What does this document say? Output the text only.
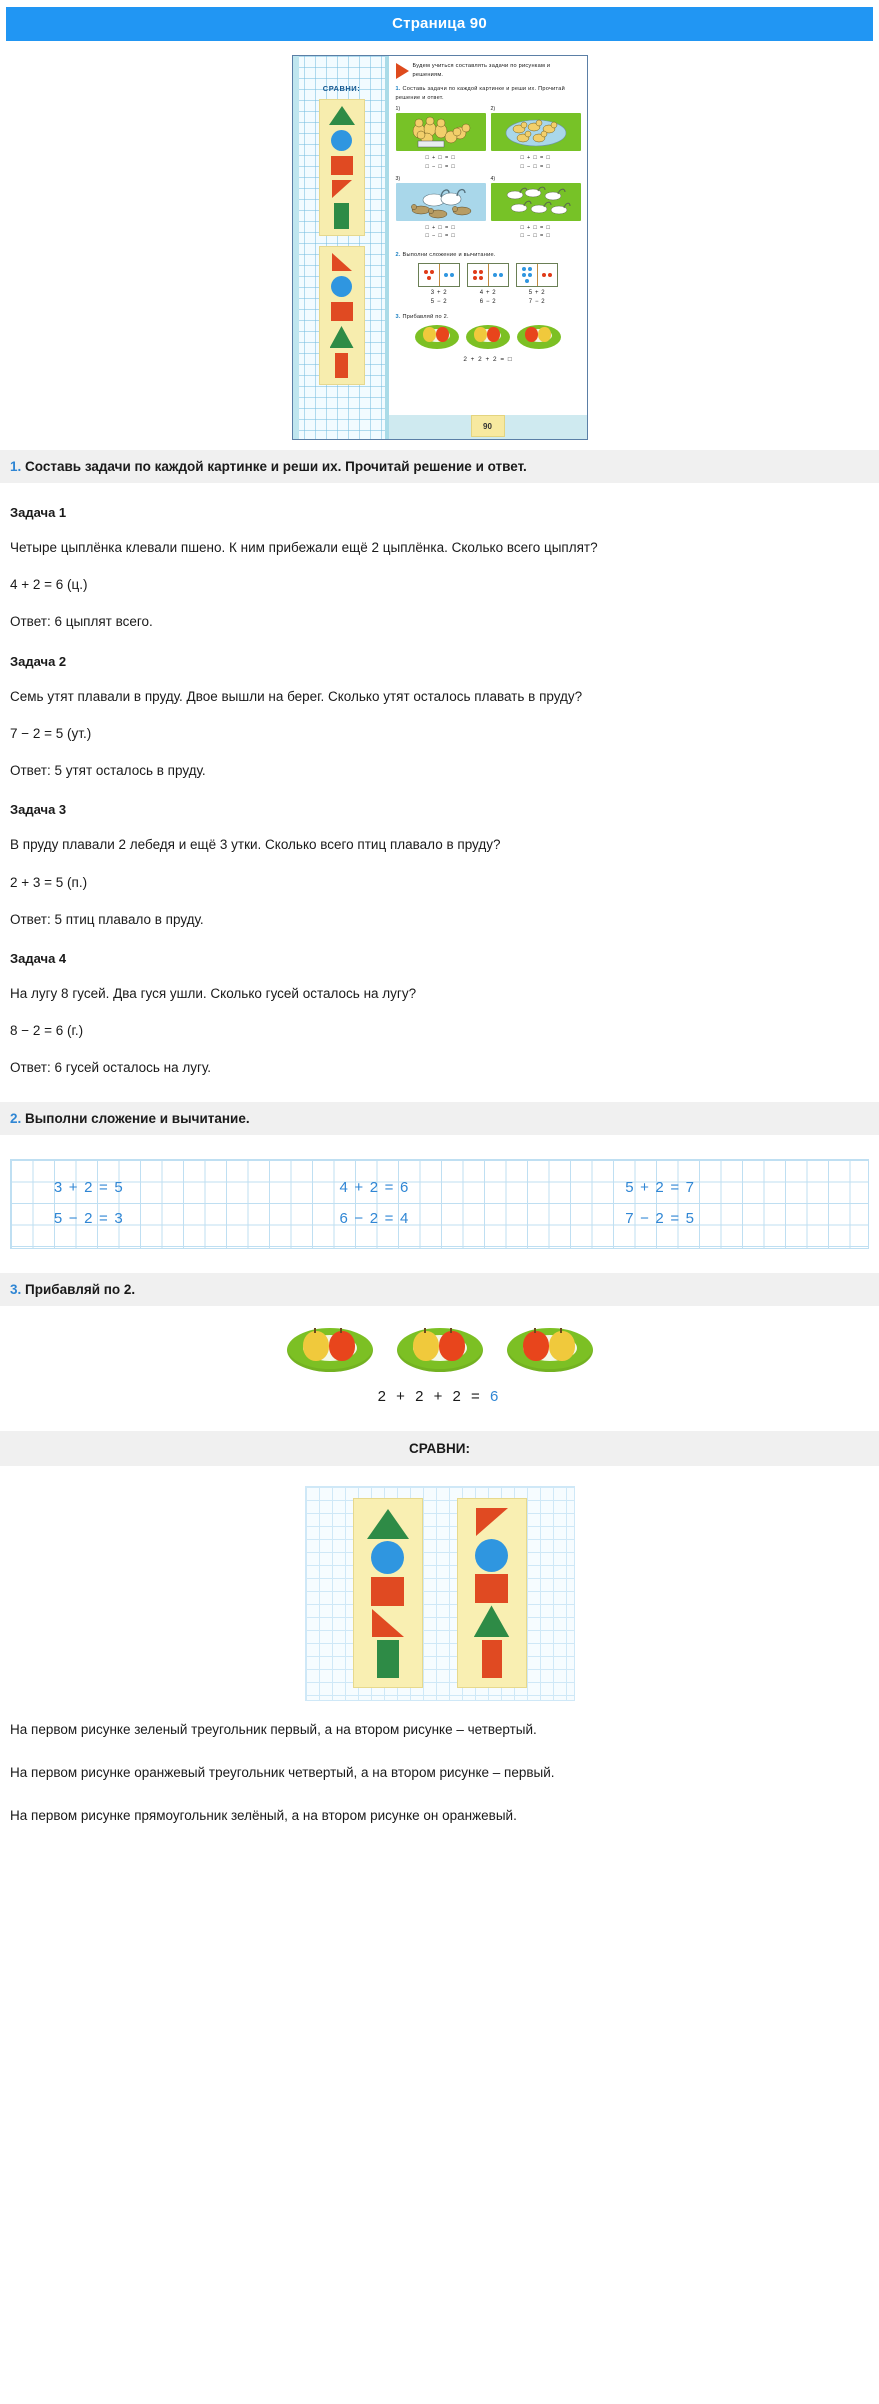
Страница 90
СРАВНИ:

Будем учиться составлять задачи по рисункам и решениям.

1. Составь задачи по каждой картинке и реши их. Прочитай решение и ответ.
1)
□ + □ = □
□ − □ = □
2)
□ + □ = □
□ − □ = □
3)
□ + □ = □
□ − □ = □
4)
□ + □ = □
□ − □ = □
2. Выполни сложение и вычитание.
3 + 2
5 − 2
4 + 2
6 − 2
5 + 2
7 − 2
3. Прибавляй по 2.
2 + 2 + 2 = □
90
1. Составь задачи по каждой картинке и реши их. Прочитай решение и ответ.
Задача 1

Четыре цыплёнка клевали пшено. К ним прибежали ещё 2 цыплёнка. Сколько всего цыплят?

4 + 2 = 6 (ц.)

Ответ: 6 цыплят всего.

Задача 2

Семь утят плавали в пруду. Двое вышли на берег. Сколько утят осталось плавать в пруду?

7 − 2 = 5 (ут.)

Ответ: 5 утят осталось в пруду.

Задача 3

В пруду плавали 2 лебедя и ещё 3 утки. Сколько всего птиц плавало в пруду?

2 + 3 = 5 (п.)

Ответ: 5 птиц плавало в пруду.

Задача 4

На лугу 8 гусей. Два гуся ушли. Сколько гусей осталось на лугу?

8 − 2 = 6 (г.)

Ответ: 6 гусей осталось на лугу.

2. Выполни сложение и вычитание.
3 + 2 = 5
5 − 2 = 3
4 + 2 = 6
6 − 2 = 4
5 + 2 = 7
7 − 2 = 5
3. Прибавляй по 2.
2 + 2 + 2 = 6
СРАВНИ:

На первом рисунке зеленый треугольник первый, а на втором рисунке – четвертый.

На первом рисунке оранжевый треугольник четвертый, а на втором рисунке – первый.

На первом рисунке прямоугольник зелёный, а на втором рисунке он оранжевый.
